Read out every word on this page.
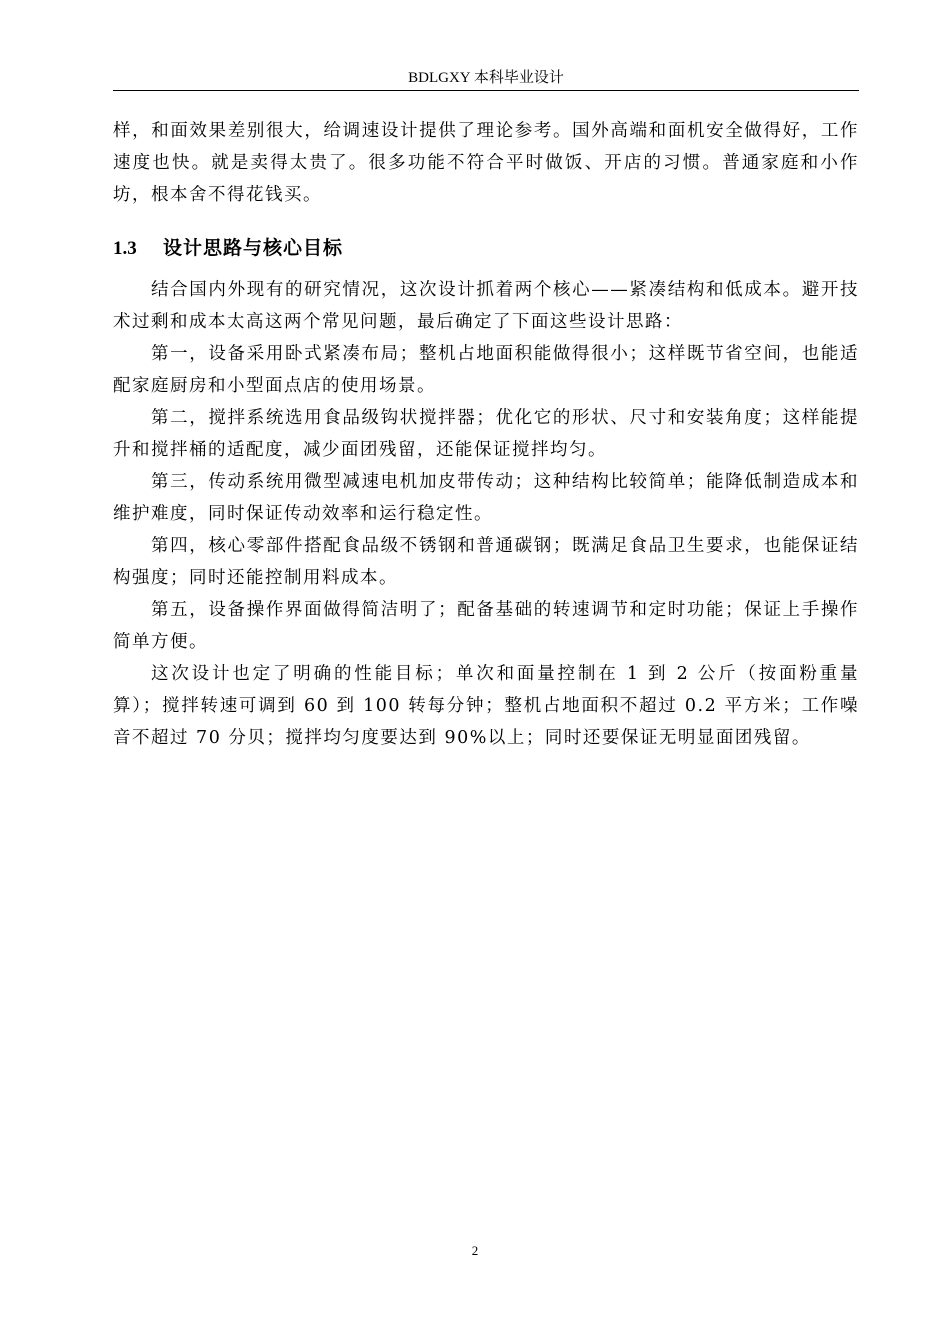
BDLGXY 本科毕业设计

样，和面效果差别很大，给调速设计提供了理论参考。国外高端和面机安全做得好，工作速度也快。就是卖得太贵了。很多功能不符合平时做饭、开店的习惯。普通家庭和小作坊，根本舍不得花钱买。

1.3 设计思路与核心目标

结合国内外现有的研究情况，这次设计抓着两个核心——紧凑结构和低成本。避开技术过剩和成本太高这两个常见问题，最后确定了下面这些设计思路：

第一，设备采用卧式紧凑布局；整机占地面积能做得很小；这样既节省空间，也能适配家庭厨房和小型面点店的使用场景。

第二，搅拌系统选用食品级钩状搅拌器；优化它的形状、尺寸和安装角度；这样能提升和搅拌桶的适配度，减少面团残留，还能保证搅拌均匀。

第三，传动系统用微型减速电机加皮带传动；这种结构比较简单；能降低制造成本和维护难度，同时保证传动效率和运行稳定性。

第四，核心零部件搭配食品级不锈钢和普通碳钢；既满足食品卫生要求，也能保证结构强度；同时还能控制用料成本。

第五，设备操作界面做得简洁明了；配备基础的转速调节和定时功能；保证上手操作简单方便。

这次设计也定了明确的性能目标；单次和面量控制在 1 到 2 公斤（按面粉重量算）；搅拌转速可调到 60 到 100 转每分钟；整机占地面积不超过 0.2 平方米；工作噪音不超过 70 分贝；搅拌均匀度要达到 90%以上；同时还要保证无明显面团残留。

2
